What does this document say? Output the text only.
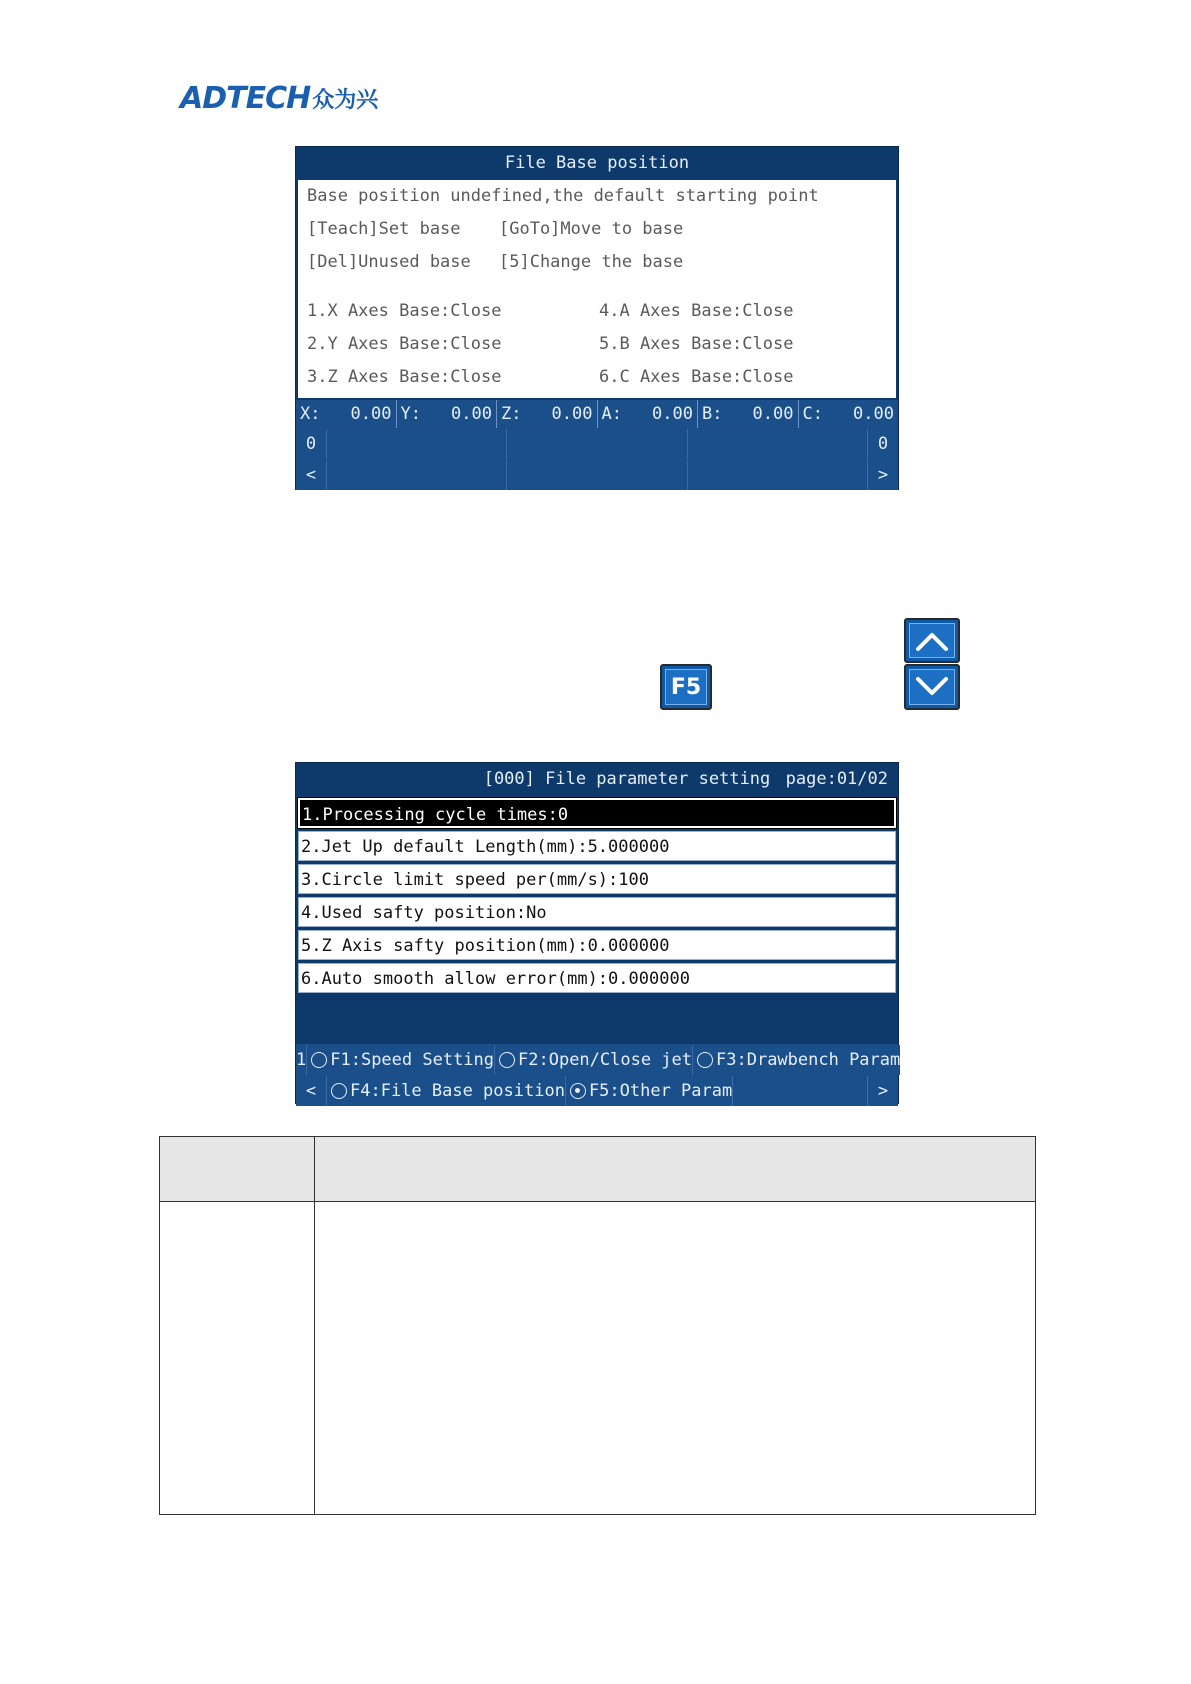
ADTECH 众为兴
File Base position
Base position undefined,the default starting point
[Teach]Set base [GoTo]Move to base
[Del]Unused base [5]Change the base
1.X Axes Base:Close
2.Y Axes Base:Close
3.Z Axes Base:Close
4.A Axes Base:Close
5.B Axes Base:Close
6.C Axes Base:Close
X: 0.00 Y: 0.00 Z: 0.00 A: 0.00 B: 0.00 C: 0.00
0	0
<	>
F5
[000] File parameter setting page:01/02
1.Processing cycle times:0
2.Jet Up default Length(mm):5.000000
3.Circle limit speed per(mm/s):100
4.Used safty position:No
5.Z Axis safty position(mm):0.000000
6.Auto smooth allow error(mm):0.000000
1	F1:Speed Setting	F2:Open/Close jet	F3:Drawbench Param
<	F4:File Base position	F5:Other Param	>
